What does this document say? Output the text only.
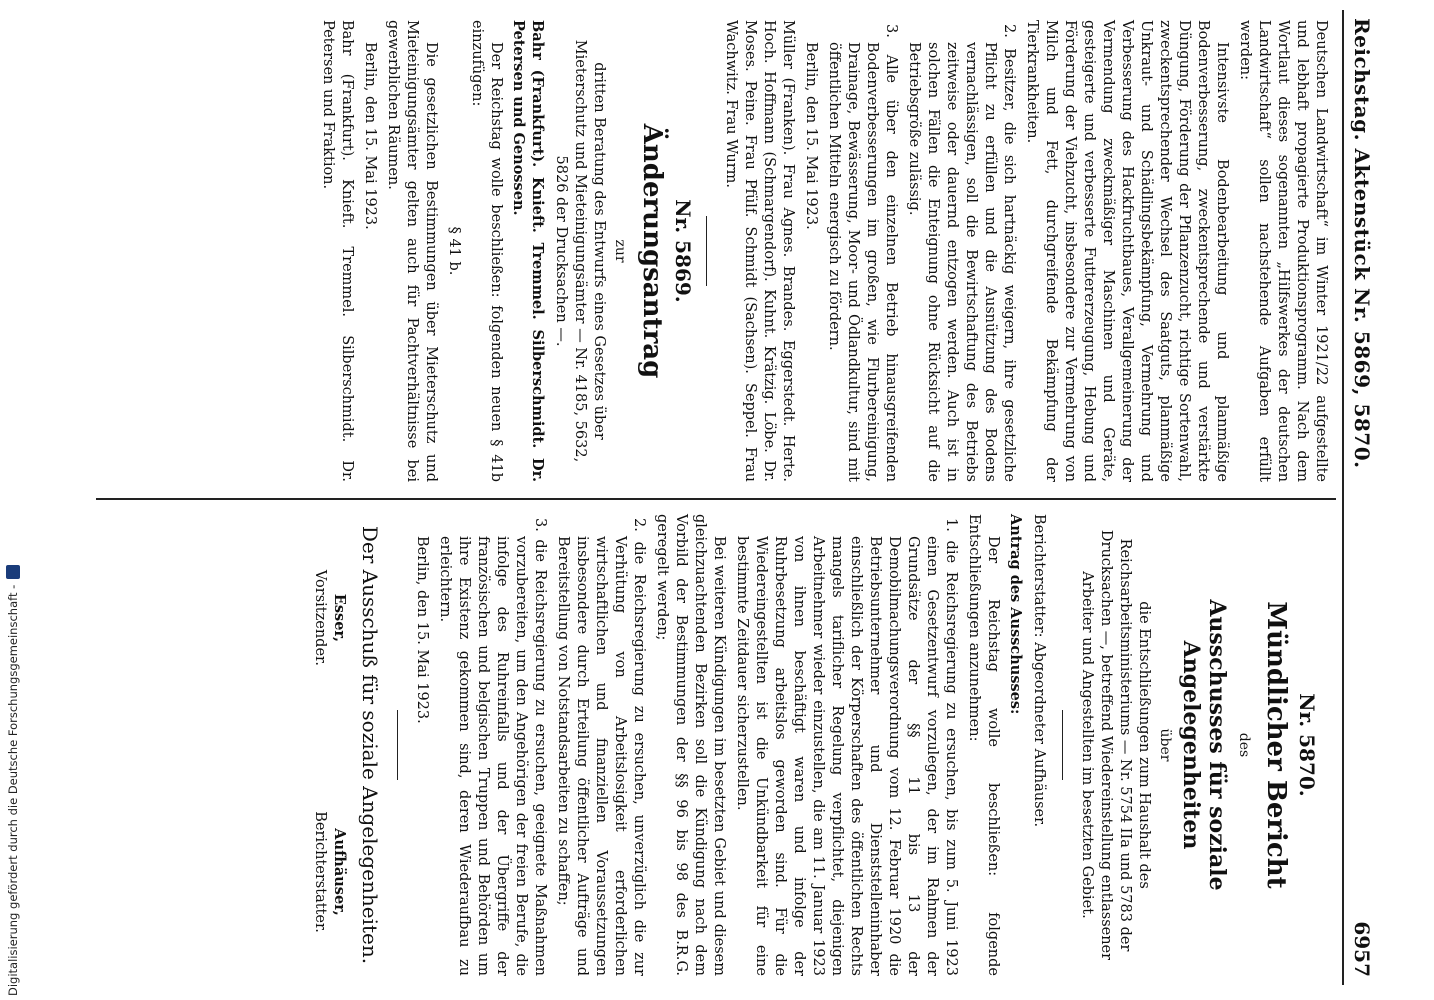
Reichstag. Aktenstück Nr. 5869, 5870.
6957

Deutschen Landwirtschaft“ im Winter 1921/22 aufgestellte und lebhaft propagierte Produktionsprogramm. Nach dem Wortlaut dieses sogenannten „Hilfswerkes der deutschen Landwirtschaft“ sollen nachstehende Aufgaben erfüllt werden:

Intensivste Bodenbearbeitung und planmäßige Bodenverbesserung, zweckentsprechende und verstärkte Düngung, Förderung der Pflanzenzucht, richtige Sortenwahl, zweckentsprechender Wechsel des Saatguts, planmäßige Unkraut- und Schädlingsbekämpfung, Vermehrung und Verbesserung des Hackfruchtbaues, Verallgemeinerung der Vermendung zweckmäßiger Maschinen und Geräte, gesteigerte und verbesserte Futtererzeugung, Hebung und Förderung der Viehzucht, insbesondere zur Vermehrung von Milch und Fett, durchgreifende Bekämpfung der Tierkrankheiten.

2. Besitzer, die sich hartnäckig weigern, ihre gesetzliche Pflicht zu erfüllen und die Ausnützung des Bodens vernachlässigen, soll die Bewirtschaftung des Betriebs zeitweise oder dauernd entzogen werden. Auch ist in solchen Fällen die Enteignung ohne Rücksicht auf die Betriebsgröße zulässig.

3. Alle über den einzelnen Betrieb hinausgreifenden Bodenverbesserungen im großen, wie Flurbereinigung, Drainage, Bewässerung, Moor- und Ödlandkultur, sind mit öffentlichen Mitteln energisch zu fördern.

Berlin, den 15. Mai 1923.

Müller (Franken). Frau Agnes. Brandes. Eggerstedt. Herte. Hoch. Hoffmann (Schmargendorf). Kuhnt. Krätzig. Löbe. Dr. Moses. Peine. Frau Pfülf. Schmidt (Sachsen). Seppel. Frau Wachwitz. Frau Wurm.

Nr. 5869.
Änderungsantrag
zur

dritten Beratung des Entwurfs eines Gesetzes über Mieterschutz und Mieteinigungsämter — Nr. 4185, 5632, 5826 der Drucksachen —.

Bahr (Frankfurt). Knieft. Tremmel. Silberschmidt. Dr. Petersen und Genossen.

Der Reichstag wolle beschließen: folgenden neuen § 41b einzufügen:

§ 41 b.

Die gesetzlichen Bestimmungen über Mieterschutz und Mieteinigungsämter gelten auch für Pachtverhältnisse bei gewerblichen Räumen.

Berlin, den 15. Mai 1923.

Bahr (Frankfurt). Knieft. Tremmel. Silberschmidt. Dr. Petersen und Fraktion.

Nr. 5870.
Mündlicher Bericht
des
Ausschusses für soziale Angelegenheiten
über

die Entschließungen zum Haushalt des Reichsarbeitsministeriums — Nr. 5754 IIa und 5783 der Drucksachen —, betreffend Wiedereinstellung entlassener Arbeiter und Angestellten im besetzten Gebiet.

Berichterstatter: Abgeordneter Aufhäuser.

Antrag des Ausschusses:

Der Reichstag wolle beschließen: folgende Entschließungen anzunehmen:

1. die Reichsregierung zu ersuchen, bis zum 5. Juni 1923 einen Gesetzentwurf vorzulegen, der im Rahmen der Grundsätze der §§ 11 bis 13 der Demobilmachungsverordnung vom 12. Februar 1920 die Betriebsunternehmer und Dienststelleninhaber einschließlich der Körperschaften des öffentlichen Rechts mangels tariflicher Regelung verpflichtet, diejenigen Arbeitnehmer wieder einzustellen, die am 11. Januar 1923 von ihnen beschäftigt waren und infolge der Ruhrbesetzung arbeitslos geworden sind. Für die Wiedereingestellten ist die Unkündbarkeit für eine bestimmte Zeitdauer sicherzustellen.

Bei weiteren Kündigungen im besetzten Gebiet und diesem gleichzuachtenden Bezirken soll die Kündigung nach dem Vorbild der Bestimmungen der §§ 96 bis 98 des B.R.G. geregelt werden;

2. die Reichsregierung zu ersuchen, unverzüglich die zur Verhütung von Arbeitslosigkeit erforderlichen wirtschaftlichen und finanziellen Voraussetzungen insbesondere durch Erteilung öffentlicher Aufträge und Bereitstellung von Notstandsarbeiten zu schaffen;

3. die Reichsregierung zu ersuchen, geeignete Maßnahmen vorzubereiten, um den Angehörigen der freien Berufe, die infolge des Ruhreinfalls und der Übergriffe der französischen und belgischen Truppen und Behörden um ihre Existenz gekommen sind, deren Wiederaufbau zu erleichtern.

Berlin, den 15. Mai 1923.

Der Ausschuß für soziale Angelegenheiten.
Esser,
Vorsitzender.
Aufhäuser,
Berichterstatter.
Digitalisierung gefördert durch die Deutsche Forschungsgemeinschaft -
